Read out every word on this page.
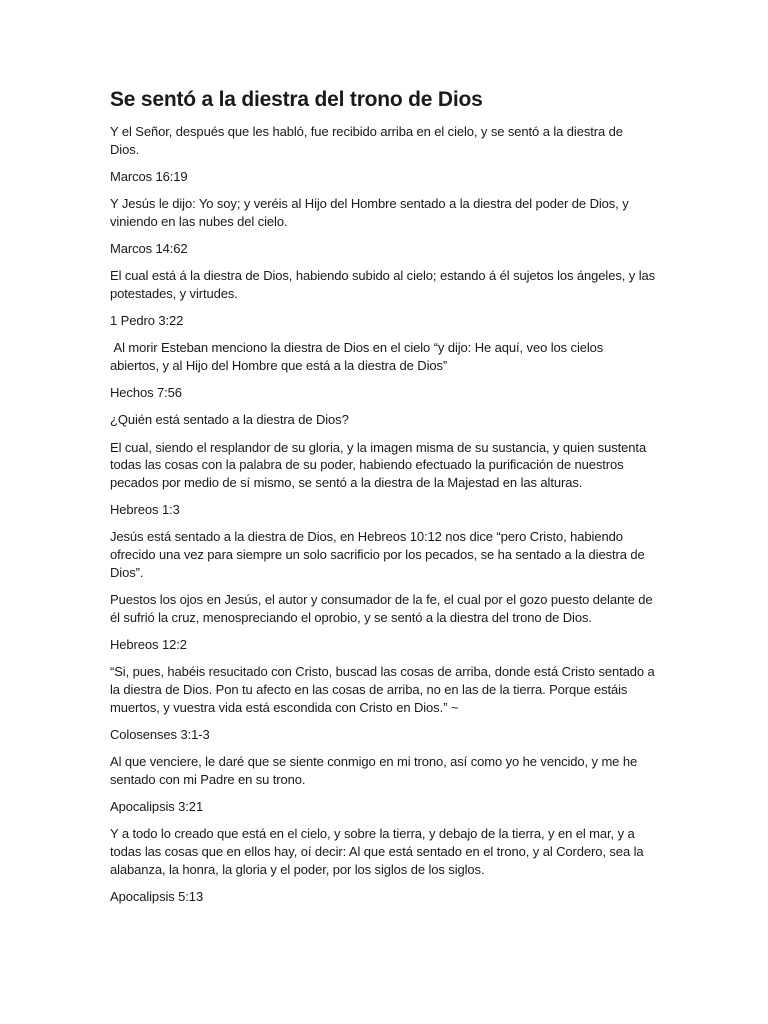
Se sentó a la diestra del trono de Dios

Y el Señor, después que les habló, fue recibido arriba en el cielo, y se sentó a la diestra de Dios.

Marcos 16:19

Y Jesús le dijo: Yo soy; y veréis al Hijo del Hombre sentado a la diestra del poder de Dios, y viniendo en las nubes del cielo.

Marcos 14:62

El cual está á la diestra de Dios, habiendo subido al cielo; estando á él sujetos los ángeles, y las potestades, y virtudes.

1 Pedro 3:22

Al morir Esteban menciono la diestra de Dios en el cielo “y dijo: He aquí, veo los cielos abiertos, y al Hijo del Hombre que está a la diestra de Dios”

Hechos 7:56

¿Quién está sentado a la diestra de Dios?

El cual, siendo el resplandor de su gloria, y la imagen misma de su sustancia, y quien sustenta todas las cosas con la palabra de su poder, habiendo efectuado la purificación de nuestros pecados por medio de sí mismo, se sentó a la diestra de la Majestad en las alturas.

Hebreos 1:3

Jesús está sentado a la diestra de Dios, en Hebreos 10:12 nos dice “pero Cristo, habiendo ofrecido una vez para siempre un solo sacrificio por los pecados, se ha sentado a la diestra de Dios”.

Puestos los ojos en Jesús, el autor y consumador de la fe, el cual por el gozo puesto delante de él sufrió la cruz, menospreciando el oprobio, y se sentó a la diestra del trono de Dios.

Hebreos 12:2

“Si, pues, habéis resucitado con Cristo, buscad las cosas de arriba, donde está Cristo sentado a la diestra de Dios. Pon tu afecto en las cosas de arriba, no en las de la tierra. Porque estáis muertos, y vuestra vida está escondida con Cristo en Dios.” ~

Colosenses 3:1-3

Al que venciere, le daré que se siente conmigo en mi trono, así como yo he vencido, y me he sentado con mi Padre en su trono.

Apocalipsis 3:21

Y a todo lo creado que está en el cielo, y sobre la tierra, y debajo de la tierra, y en el mar, y a todas las cosas que en ellos hay, oí decir: Al que está sentado en el trono, y al Cordero, sea la alabanza, la honra, la gloria y el poder, por los siglos de los siglos.

Apocalipsis 5:13
